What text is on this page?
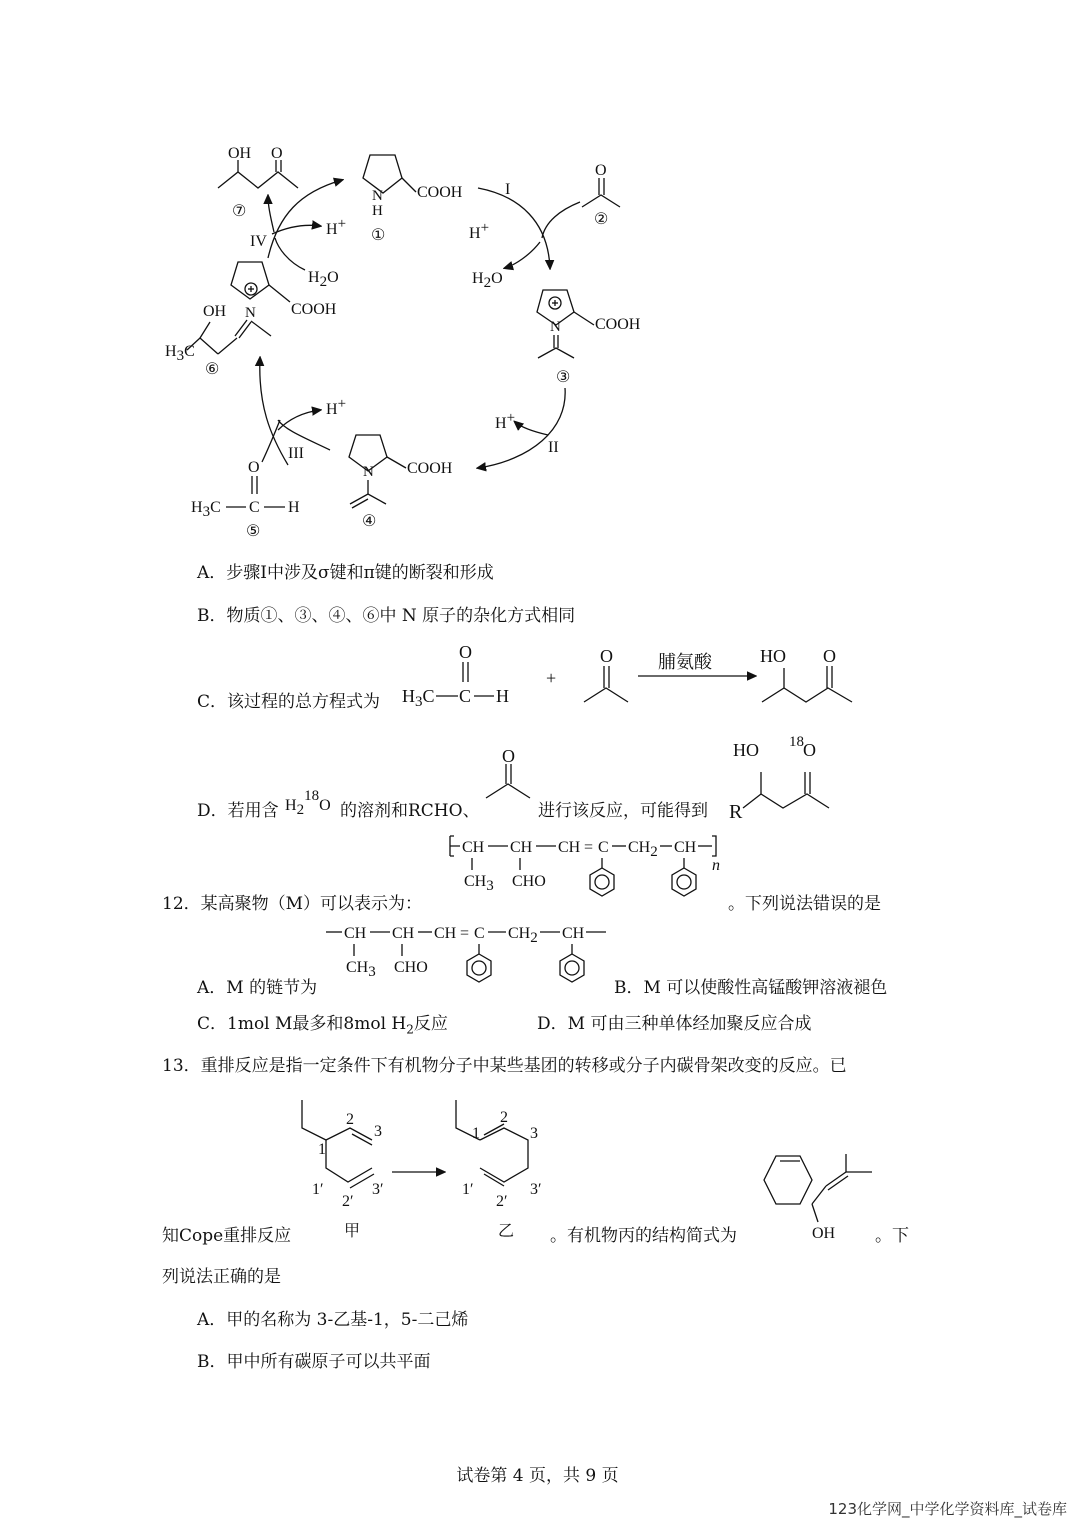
OH O
⑦
COOH
N
H
①
O
②
COOH
N
③
COOH
N
④
H3C C H
O
⑤
COOH
N
OH
H3C
⑥
I
H+
H2O
II
H+
III
H+
IV
H+
H2O
A．步骤I中涉及σ键和π键的断裂和形成
B．物质①、③、④、⑥中 N 原子的杂化方式相同
C．该过程的总方程式为 $H_3C$ C H
O
+
O	脯氨酸	HO O
D．若用含 H218O 的溶剂和RCHO、
O
进行该反应，可能得到 R
HO 18 O
CH CH CH = C CH2 CH
n
CH3 CHO
12．某高聚物（M）可以表示为：	。下列说法错误的是
CH CH CH = C CH2 CH
CH3 CHO
A．M 的链节为	B．M 可以使酸性高锰酸钾溶液褪色
C．1mol M最多和8mol $H_2$反应	D．M 可由三种单体经加聚反应合成
13．重排反应是指一定条件下有机物分子中某些基团的转移或分子内碳骨架改变的反应。已
1
2
3
1′
2′
3′
甲
1
2
3
1′
2′
3′
乙
知Cope重排反应	。有机物丙的结构简式为	OH 。下
列说法正确的是
A．甲的名称为 3-乙基-1，5-二己烯
B．甲中所有碳原子可以共平面
试卷第 4 页，共 9 页
123化学网_中学化学资料库_试卷库
